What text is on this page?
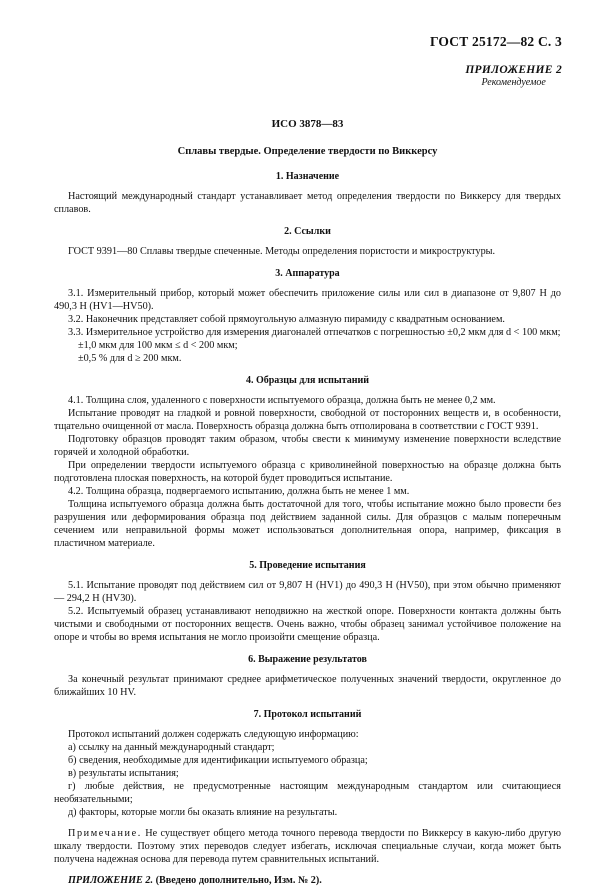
ГОСТ 25172—82 С. 3
ПРИЛОЖЕНИЕ 2
Рекомендуемое
ИСО 3878—83
Сплавы твердые. Определение твердости по Виккерсу
1. Назначение

Настоящий международный стандарт устанавливает метод определения твердости по Виккерсу для твердых сплавов.

2. Ссылки

ГОСТ 9391—80 Сплавы твердые спеченные. Методы определения пористости и микроструктуры.

3. Аппаратура

3.1. Измерительный прибор, который может обеспечить приложение силы или сил в диапазоне от 9,807 Н до 490,3 Н (HV1—HV50).

3.2. Наконечник представляет собой прямоугольную алмазную пирамиду с квадратным основанием.

3.3. Измерительное устройство для измерения диагоналей отпечатков с погрешностью ±0,2 мкм для d < 100 мкм;

±1,0 мкм для 100 мкм ≤ d < 200 мкм;

±0,5 % для d ≥ 200 мкм.

4. Образцы для испытаний

4.1. Толщина слоя, удаленного с поверхности испытуемого образца, должна быть не менее 0,2 мм.

Испытание проводят на гладкой и ровной поверхности, свободной от посторонних веществ и, в особенности, тщательно очищенной от масла. Поверхность образца должна быть отполирована в соответствии с ГОСТ 9391.

Подготовку образцов проводят таким образом, чтобы свести к минимуму изменение поверхности вследствие горячей и холодной обработки.

При определении твердости испытуемого образца с криволинейной поверхностью на образце должна быть подготовлена плоская поверхность, на которой будет проводиться испытание.

4.2. Толщина образца, подвергаемого испытанию, должна быть не менее 1 мм.

Толщина испытуемого образца должна быть достаточной для того, чтобы испытание можно было провести без разрушения или деформирования образца под действием заданной силы. Для образцов с малым поперечным сечением или неправильной формы может использоваться дополнительная опора, например, фиксация в пластичном материале.

5. Проведение испытания

5.1. Испытание проводят под действием сил от 9,807 Н (HV1) до 490,3 Н (HV50), при этом обычно применяют — 294,2 Н (HV30).

5.2. Испытуемый образец устанавливают неподвижно на жесткой опоре. Поверхности контакта должны быть чистыми и свободными от посторонних веществ. Очень важно, чтобы образец занимал устойчивое положение на опоре и чтобы во время испытания не могло произойти смещение образца.

6. Выражение результатов

За конечный результат принимают среднее арифметическое полученных значений твердости, округленное до ближайших 10 HV.

7. Протокол испытаний

Протокол испытаний должен содержать следующую информацию:

а) ссылку на данный международный стандарт;

б) сведения, необходимые для идентификации испытуемого образца;

в) результаты испытания;

г) любые действия, не предусмотренные настоящим международным стандартом или считающиеся необязательными;

д) факторы, которые могли бы оказать влияние на результаты.

Примечание. Не существует общего метода точного перевода твердости по Виккерсу в какую-либо другую шкалу твердости. Поэтому этих переводов следует избегать, исключая специальные случаи, когда может быть получена надежная основа для перевода путем сравнительных испытаний.

ПРИЛОЖЕНИЕ 2. (Введено дополнительно, Изм. № 2).
